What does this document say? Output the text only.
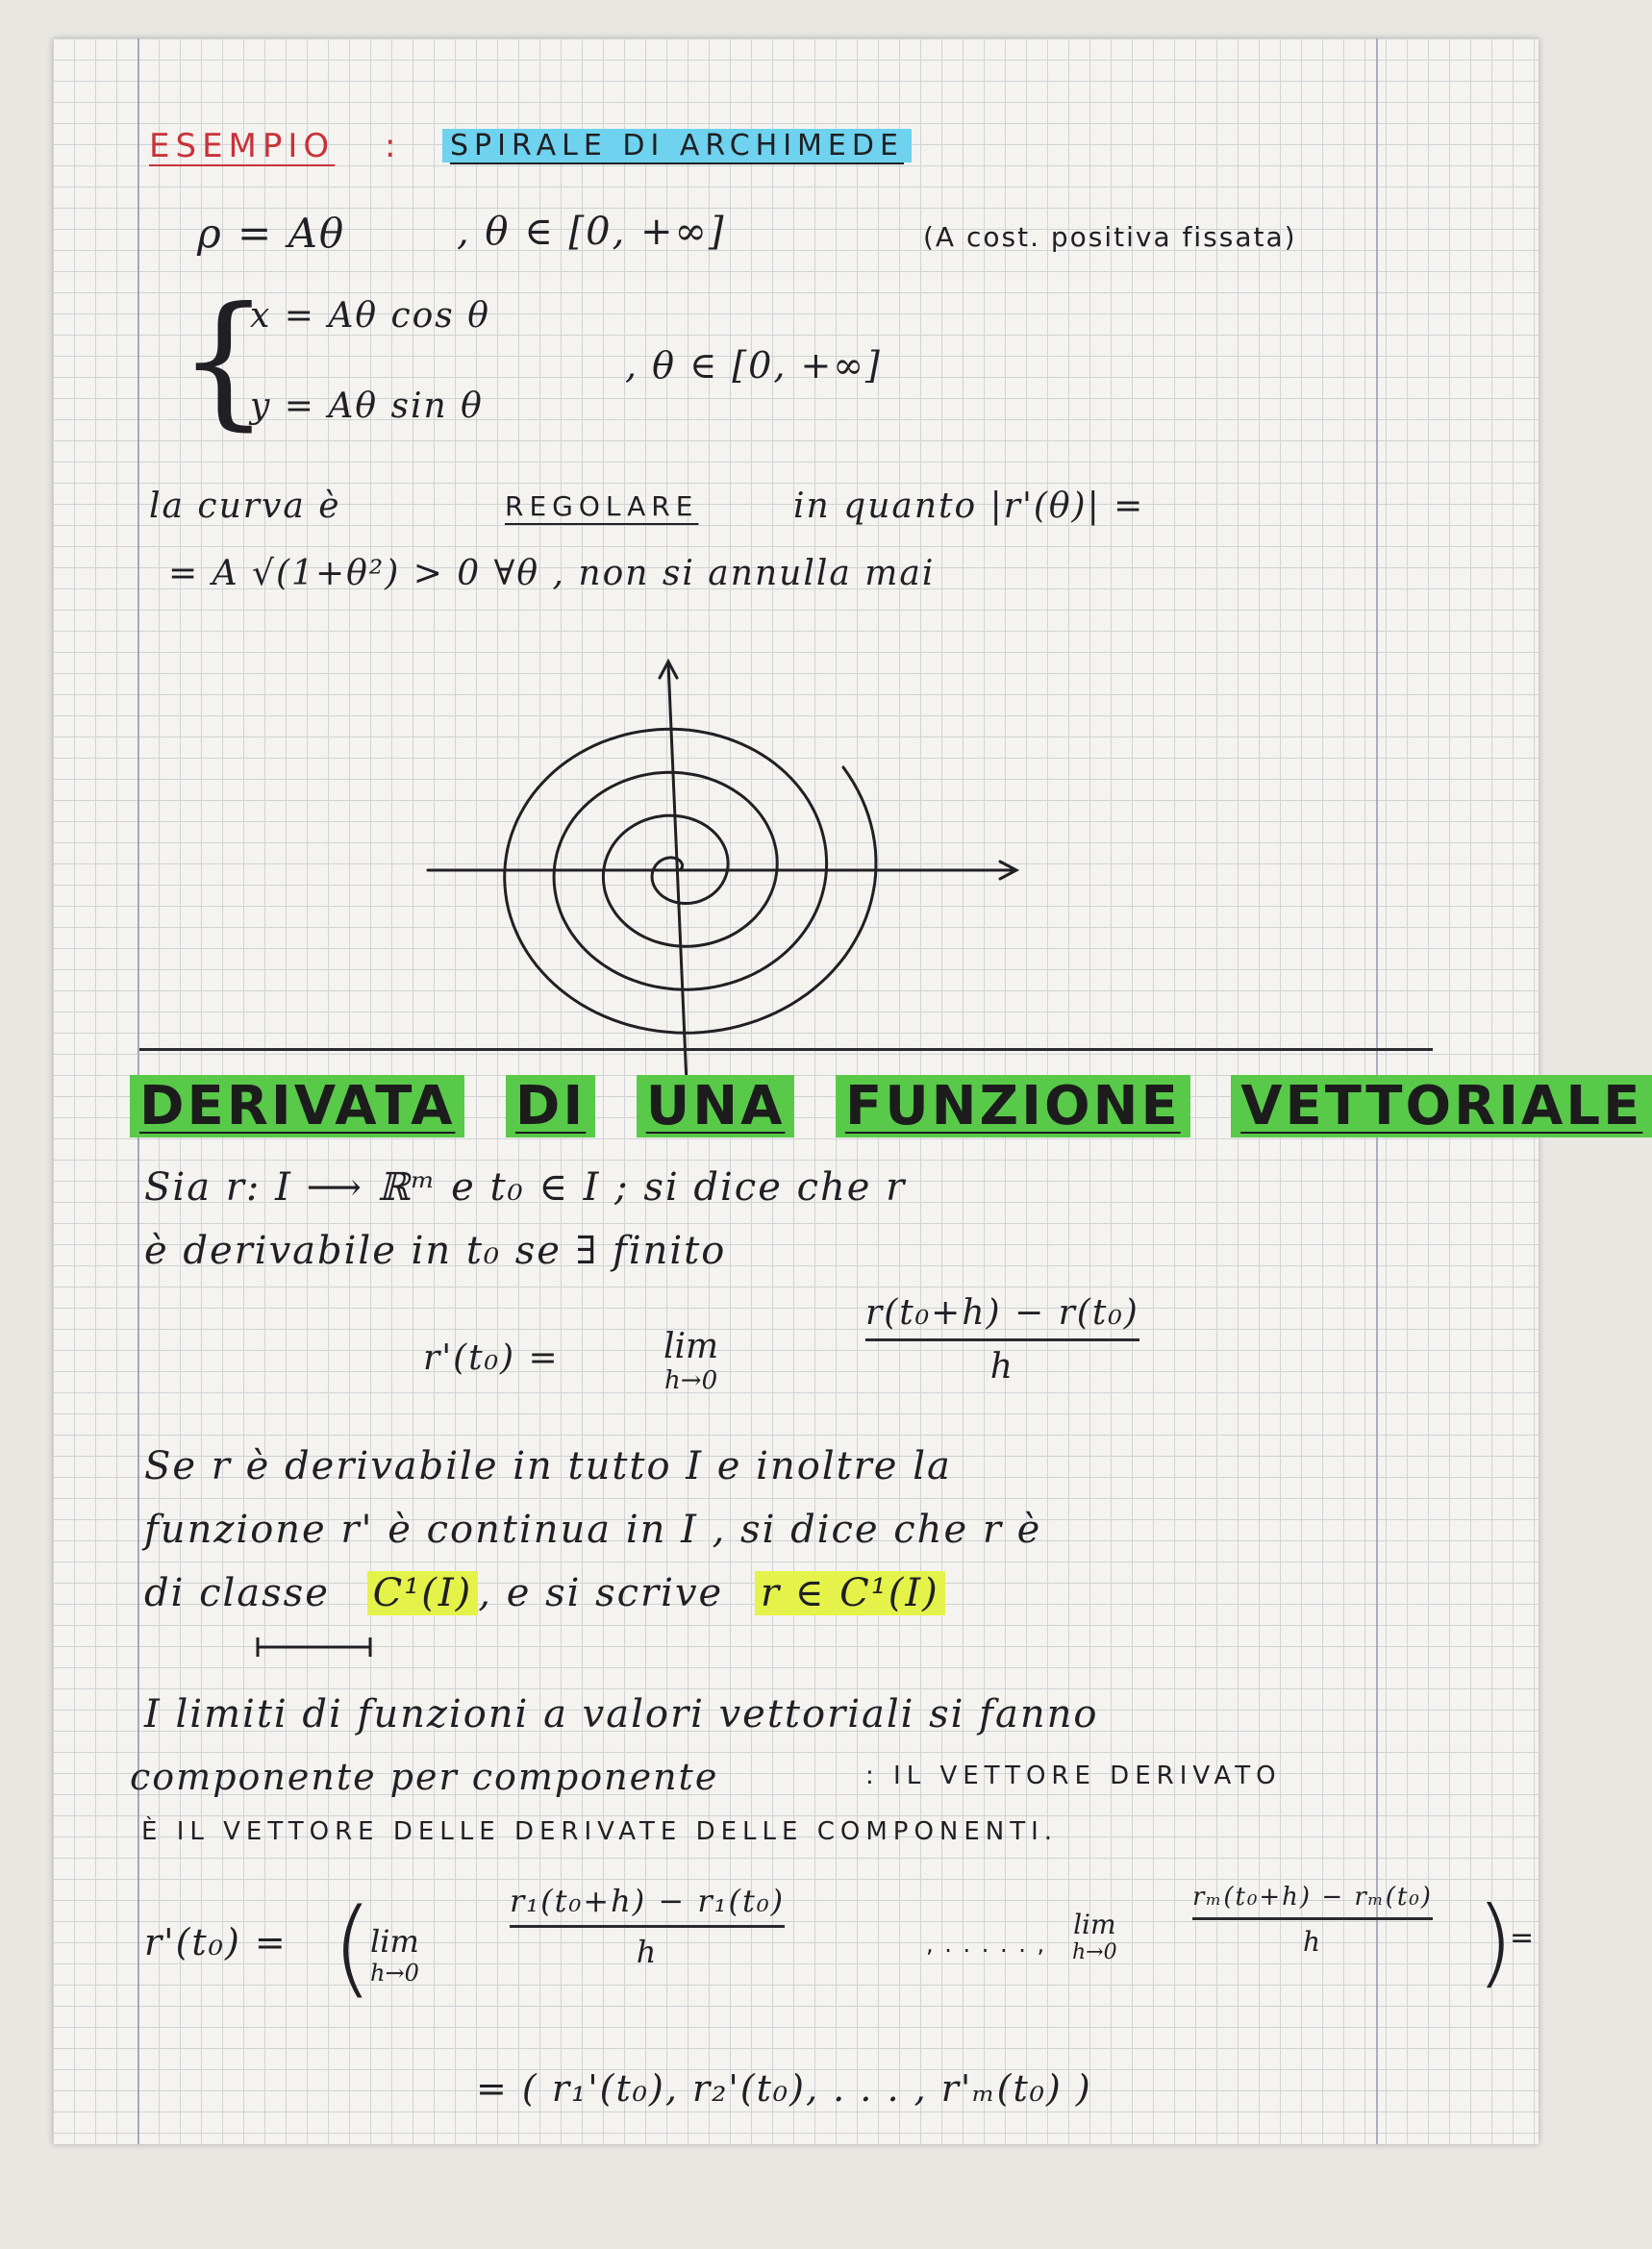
ESEMPIO : SPIRALE DI ARCHIMEDE
ρ = Aθ	, θ ∈ [0, +∞]	(A cost. positiva fissata)
{
x = Aθ cos θ
y = Aθ sin θ
, θ ∈ [0, +∞]
la curva è	REGOLARE	in quanto |r'(θ)| =
= A √(1+θ²) > 0 ∀θ , non si annulla mai
DERIVATA DI UNA FUNZIONE VETTORIALE
Sia r: I ⟶ ℝᵐ e t₀ ∈ I ; si dice che r
è derivabile in t₀ se ∃ finito
r'(t₀) =	lim
h→0
r(t₀+h) − r(t₀)
h
Se r è derivabile in tutto I e inoltre la
funzione r' è continua in I , si dice che r è
di classe C¹(I) , e si scrive r ∈ C¹(I)
I limiti di funzioni a valori vettoriali si fanno
componente per componente	: IL VETTORE DERIVATO
È IL VETTORE DELLE DERIVATE DELLE COMPONENTI.
r'(t₀) = (
lim
h→0
r₁(t₀+h) − r₁(t₀)
h	, . . . . . ,
lim
h→0
rₘ(t₀+h) − rₘ(t₀)
h )
=
= ( r₁'(t₀), r₂'(t₀), . . . , r'ₘ(t₀) )
